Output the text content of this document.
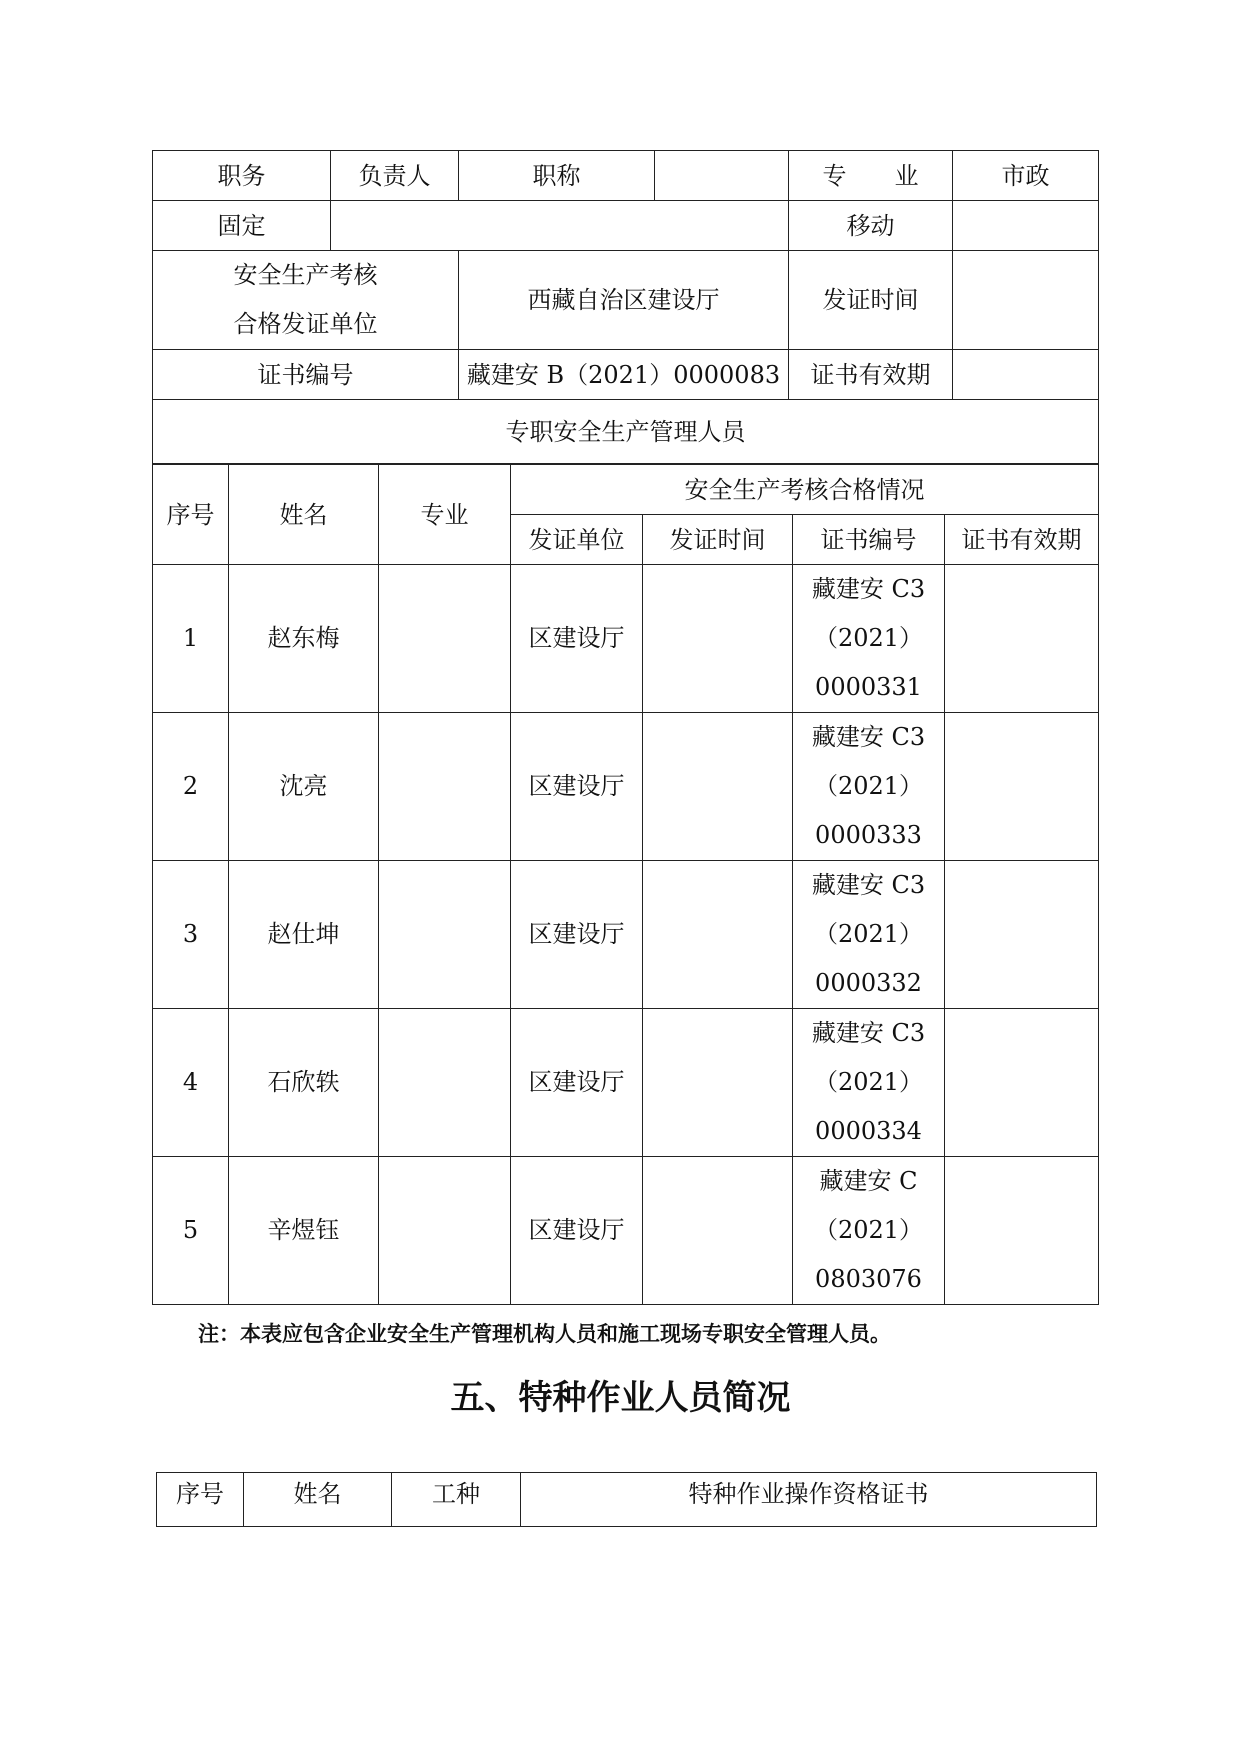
职务	负责人	职称		专　　业	市政
固定				移动	

安全生产考核
合格发证单位		西藏自治区建设厅		发证时间	
证书编号		藏建安 B（2021）0000083		证书有效期	
专职安全生产管理人员					
序号	姓名	专业	安全生产考核合格情况			
			发证单位	发证时间	证书编号	证书有效期
1	赵东梅		区建设厅		藏建安 C3
（2021）
0000331	

2	沈亮		区建设厅		藏建安 C3
（2021）
0000333	

3	赵仕坤		区建设厅		藏建安 C3
（2021）
0000332	

4	石欣轶		区建设厅		藏建安 C3
（2021）
0000334	

5	辛煜钰		区建设厅		藏建安 C
（2021）
0803076	

注：本表应包含企业安全生产管理机构人员和施工现场专职安全管理人员。
五、特种作业人员简况
序号	姓名	工种	特种作业操作资格证书
